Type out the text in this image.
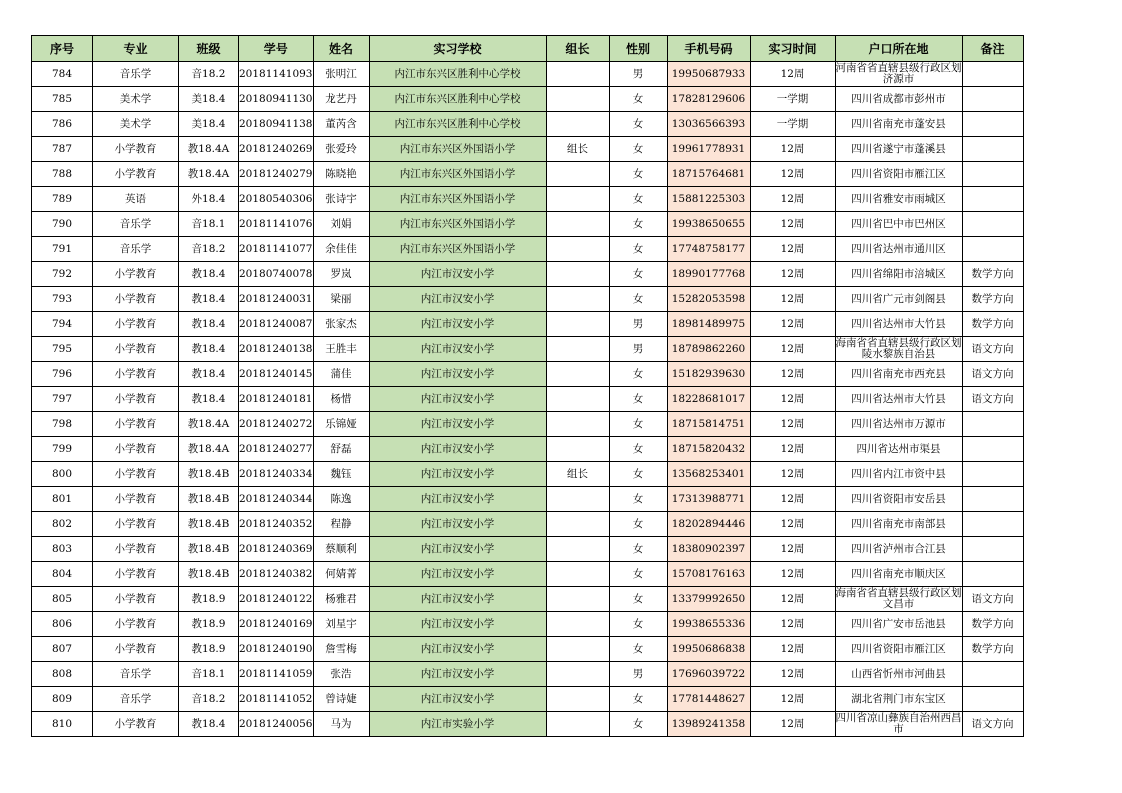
序号	专业	班级	学号	姓名	实习学校	组长	性别	手机号码	实习时间	户口所在地	备注
784	音乐学	音18.2	20181141093	张明江	内江市东兴区胜利中心学校		男	19950687933	12周	河南省省直辖县级行政区划济源市	
785	美术学	美18.4	20180941130	龙艺丹	内江市东兴区胜利中心学校		女	17828129606	一学期	四川省成都市彭州市	
786	美术学	美18.4	20180941138	董芮含	内江市东兴区胜利中心学校		女	13036566393	一学期	四川省南充市蓬安县	
787	小学教育	教18.4A	20181240269	张爱玲	内江市东兴区外国语小学	组长	女	19961778931	12周	四川省遂宁市蓬溪县	
788	小学教育	教18.4A	20181240279	陈晓艳	内江市东兴区外国语小学		女	18715764681	12周	四川省资阳市雁江区	
789	英语	外18.4	20180540306	张诗宇	内江市东兴区外国语小学		女	15881225303	12周	四川省雅安市雨城区	
790	音乐学	音18.1	20181141076	刘娟	内江市东兴区外国语小学		女	19938650655	12周	四川省巴中市巴州区	
791	音乐学	音18.2	20181141077	余佳佳	内江市东兴区外国语小学		女	17748758177	12周	四川省达州市通川区	
792	小学教育	教18.4	20180740078	罗岚	内江市汉安小学		女	18990177768	12周	四川省绵阳市涪城区	数学方向
793	小学教育	教18.4	20181240031	梁丽	内江市汉安小学		女	15282053598	12周	四川省广元市剑阁县	数学方向
794	小学教育	教18.4	20181240087	张家杰	内江市汉安小学		男	18981489975	12周	四川省达州市大竹县	数学方向
795	小学教育	教18.4	20181240138	王胜丰	内江市汉安小学		男	18789862260	12周	海南省省直辖县级行政区划陵水黎族自治县	语文方向
796	小学教育	教18.4	20181240145	蒲佳	内江市汉安小学		女	15182939630	12周	四川省南充市西充县	语文方向
797	小学教育	教18.4	20181240181	杨惜	内江市汉安小学		女	18228681017	12周	四川省达州市大竹县	语文方向
798	小学教育	教18.4A	20181240272	乐锦娅	内江市汉安小学		女	18715814751	12周	四川省达州市万源市	
799	小学教育	教18.4A	20181240277	舒磊	内江市汉安小学		女	18715820432	12周	四川省达州市渠县	
800	小学教育	教18.4B	20181240334	魏钰	内江市汉安小学	组长	女	13568253401	12周	四川省内江市资中县	
801	小学教育	教18.4B	20181240344	陈逸	内江市汉安小学		女	17313988771	12周	四川省资阳市安岳县	
802	小学教育	教18.4B	20181240352	程静	内江市汉安小学		女	18202894446	12周	四川省南充市南部县	
803	小学教育	教18.4B	20181240369	蔡顺利	内江市汉安小学		女	18380902397	12周	四川省泸州市合江县	
804	小学教育	教18.4B	20181240382	何婧菁	内江市汉安小学		女	15708176163	12周	四川省南充市顺庆区	
805	小学教育	教18.9	20181240122	杨雅君	内江市汉安小学		女	13379992650	12周	海南省省直辖县级行政区划文昌市	语文方向
806	小学教育	教18.9	20181240169	刘星宇	内江市汉安小学		女	19938655336	12周	四川省广安市岳池县	数学方向
807	小学教育	教18.9	20181240190	詹雪梅	内江市汉安小学		女	19950686838	12周	四川省资阳市雁江区	数学方向
808	音乐学	音18.1	20181141059	张浩	内江市汉安小学		男	17696039722	12周	山西省忻州市河曲县	
809	音乐学	音18.2	20181141052	曾诗婕	内江市汉安小学		女	17781448627	12周	湖北省荆门市东宝区	
810	小学教育	教18.4	20181240056	马为	内江市实验小学		女	13989241358	12周	四川省凉山彝族自治州西昌市	语文方向
